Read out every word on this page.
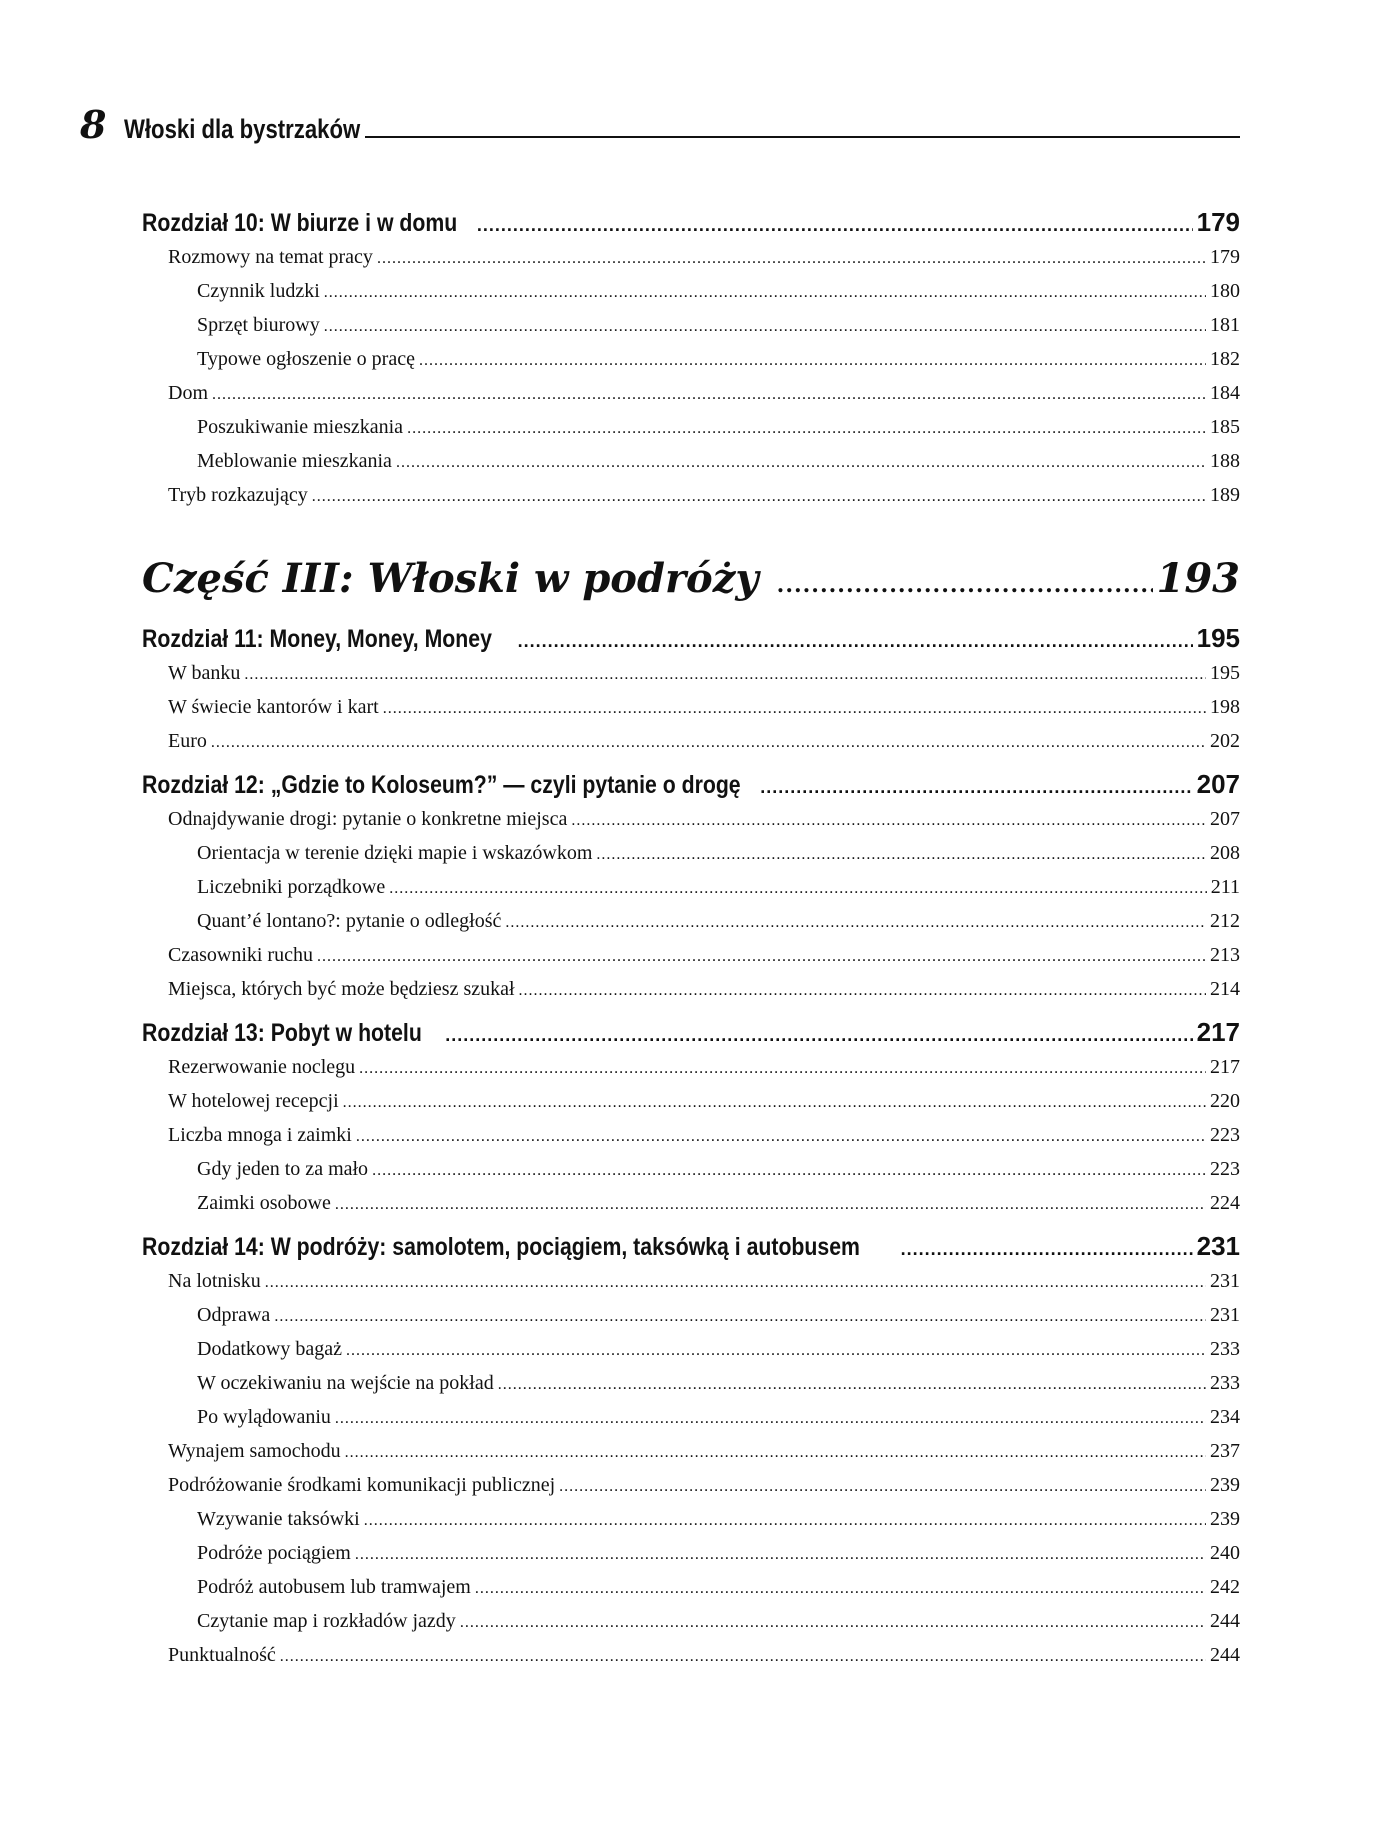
8 Włoski dla bystrzaków
Rozdział 10: W biurze i w domu .....	179
Rozmowy na temat pracy .....	179
Czynnik ludzki .....	180
Sprzęt biurowy .....	181
Typowe ogłoszenie o pracę .....	182
Dom .....	184
Poszukiwanie mieszkania .....	185
Meblowanie mieszkania .....	188
Tryb rozkazujący .....	189
Część III: Włoski w podróży .....	193
Rozdział 11: Money, Money, Money .....	195
W banku .....	195
W świecie kantorów i kart .....	198
Euro .....	202
Rozdział 12: „Gdzie to Koloseum?” — czyli pytanie o drogę .....	207
Odnajdywanie drogi: pytanie o konkretne miejsca .....	207
Orientacja w terenie dzięki mapie i wskazówkom .....	208
Liczebniki porządkowe .....	211
Quant’é lontano?: pytanie o odległość .....	212
Czasowniki ruchu .....	213
Miejsca, których być może będziesz szukał .....	214
Rozdział 13: Pobyt w hotelu .....	217
Rezerwowanie noclegu .....	217
W hotelowej recepcji .....	220
Liczba mnoga i zaimki .....	223
Gdy jeden to za mało .....	223
Zaimki osobowe .....	224
Rozdział 14: W podróży: samolotem, pociągiem, taksówką i autobusem .....	231
Na lotnisku .....	231
Odprawa .....	231
Dodatkowy bagaż .....	233
W oczekiwaniu na wejście na pokład .....	233
Po wylądowaniu .....	234
Wynajem samochodu .....	237
Podróżowanie środkami komunikacji publicznej .....	239
Wzywanie taksówki .....	239
Podróże pociągiem .....	240
Podróż autobusem lub tramwajem .....	242
Czytanie map i rozkładów jazdy .....	244
Punktualność .....	244
